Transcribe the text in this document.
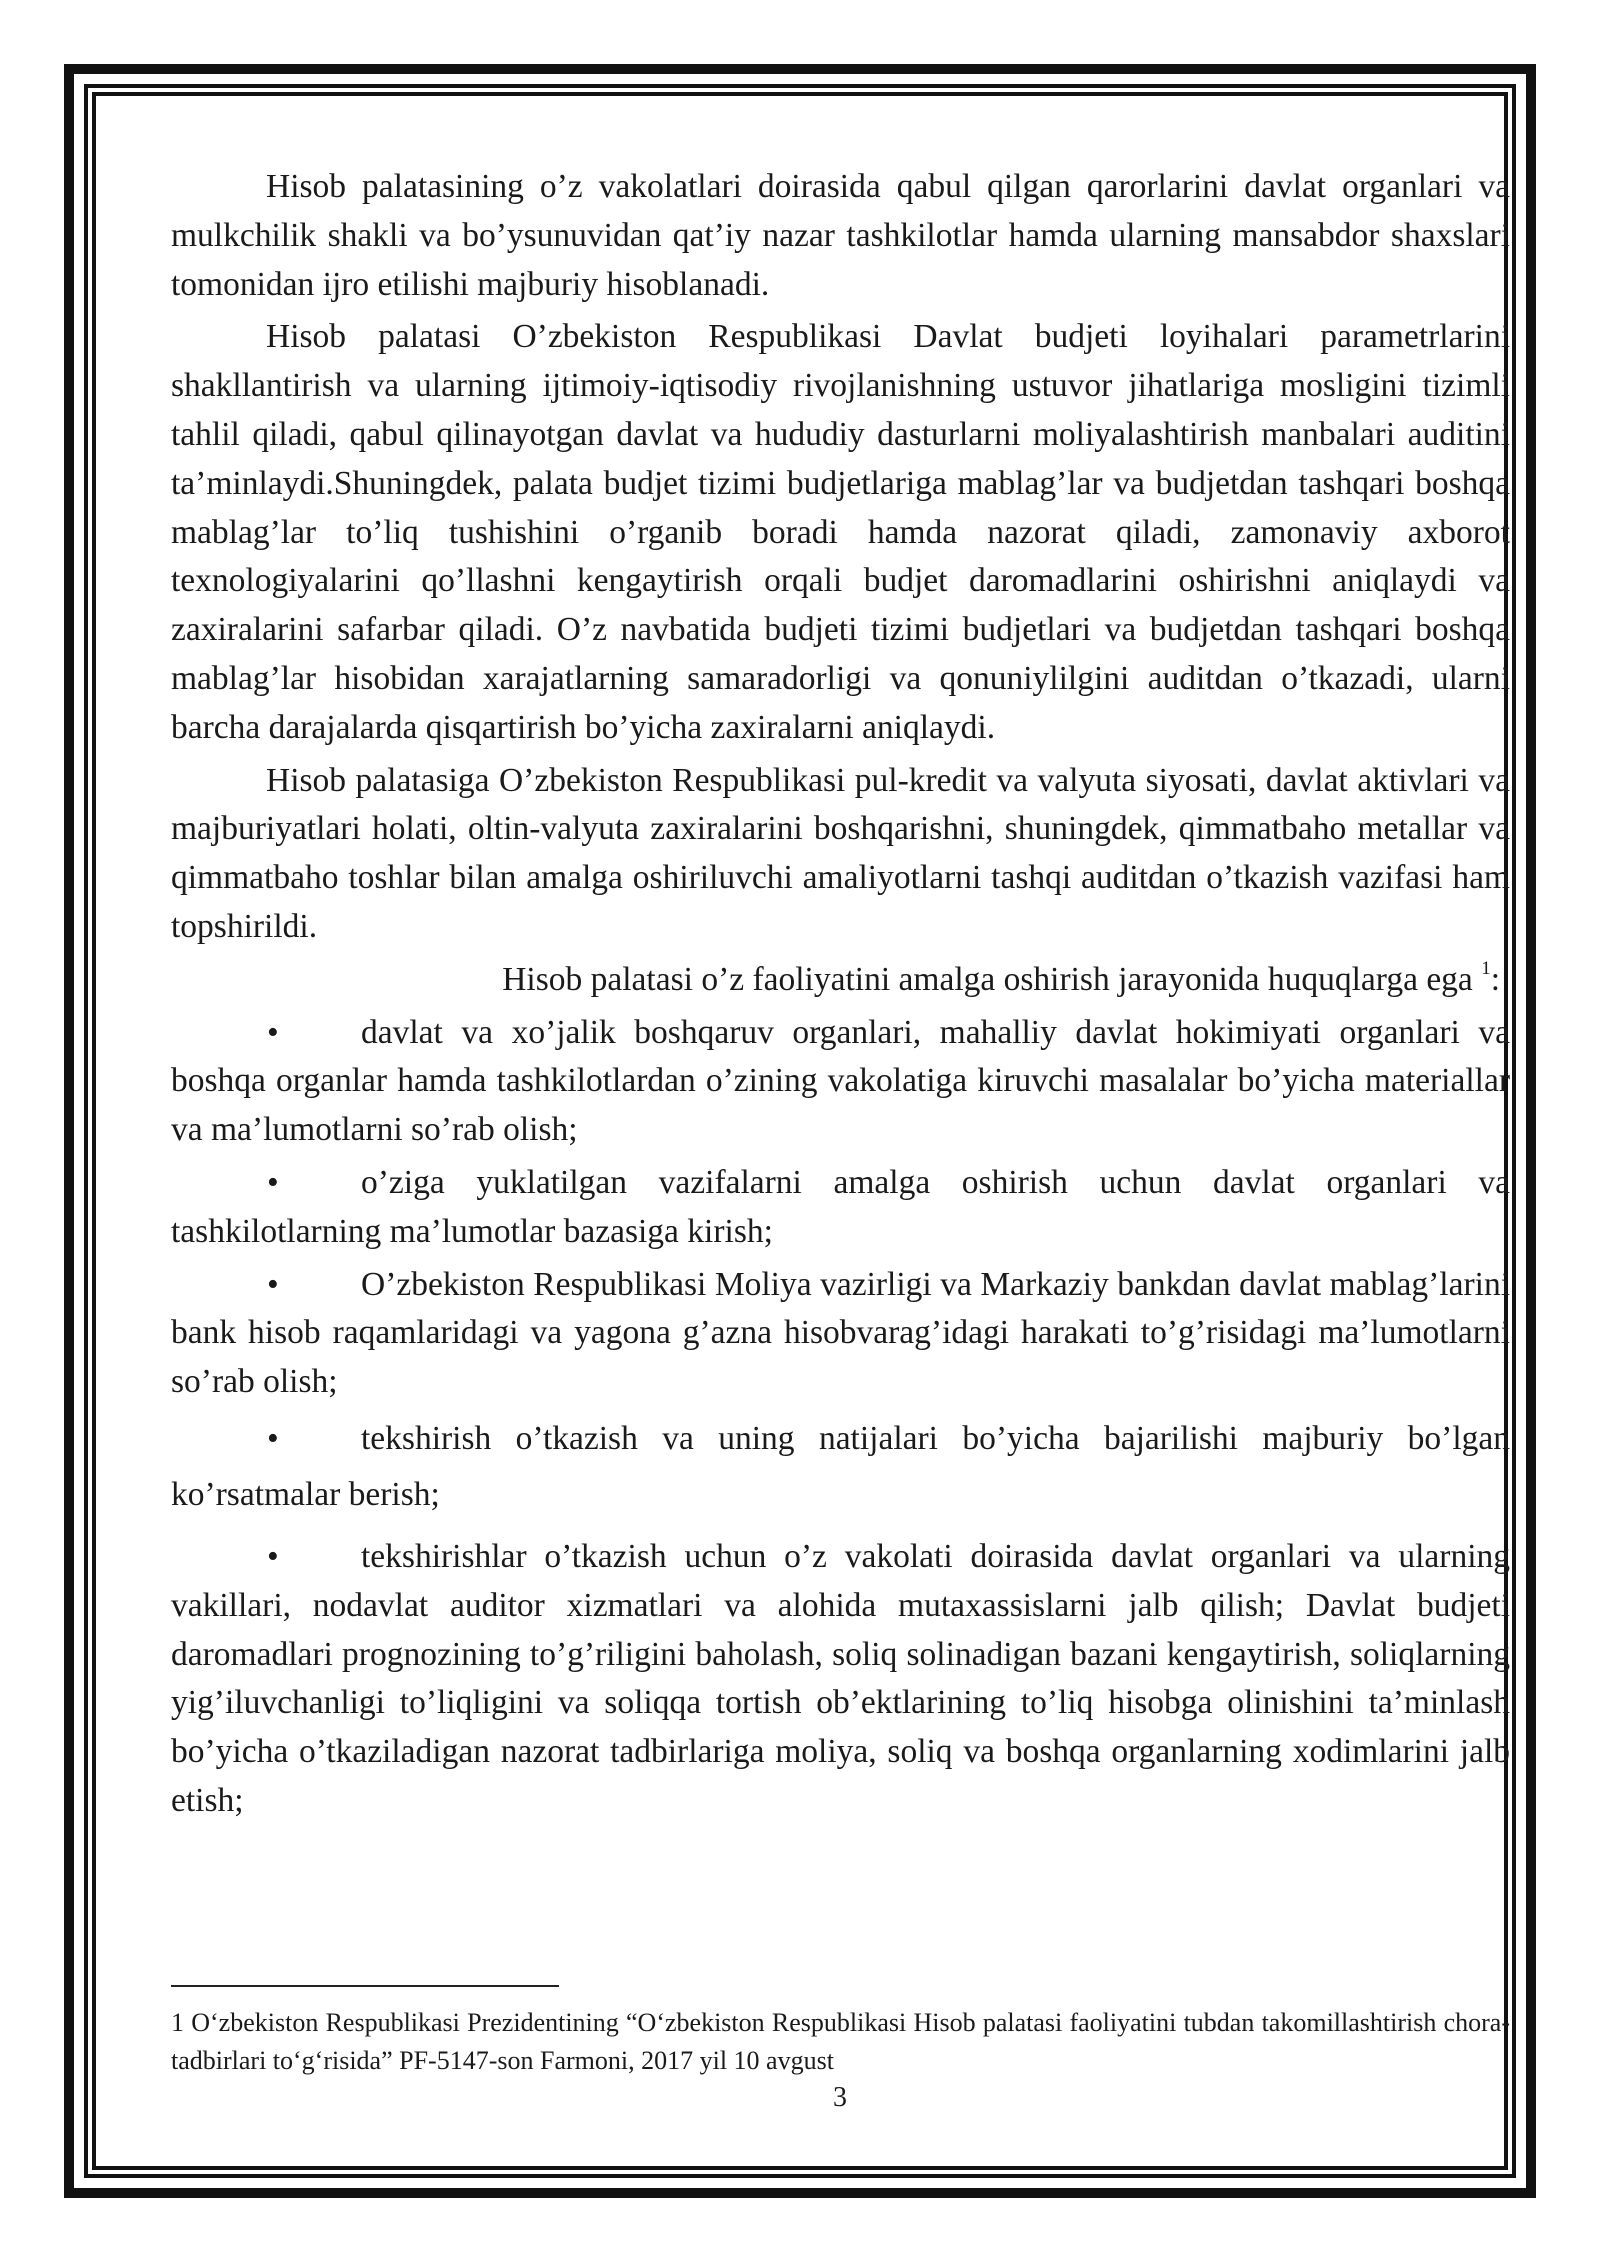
Hisob palatasining o’z vakolatlari doirasida qabul qilgan qarorlarini davlat organlari va mulkchilik shakli va bo’ysunuvidan qat’iy nazar tashkilotlar hamda ularning mansabdor shaxslari tomonidan ijro etilishi majburiy hisoblanadi.

Hisob palatasi O’zbekiston Respublikasi Davlat budjeti loyihalari parametrlarini shakllantirish va ularning ijtimoiy-iqtisodiy rivojlanishning ustuvor jihatlariga mosligini tizimli tahlil qiladi, qabul qilinayotgan davlat va hududiy dasturlarni moliyalashtirish manbalari auditini ta’minlaydi.Shuningdek, palata budjet tizimi budjetlariga mablag’lar va budjetdan tashqari boshqa mablag’lar to’liq tushishini o’rganib boradi hamda nazorat qiladi, zamonaviy axborot texnologiyalarini qo’llashni kengaytirish orqali budjet daromadlarini oshirishni aniqlaydi va zaxiralarini safarbar qiladi. O’z navbatida budjeti tizimi budjetlari va budjetdan tashqari boshqa mablag’lar hisobidan xarajatlarning samaradorligi va qonuniylilgini auditdan o’tkazadi, ularni barcha darajalarda qisqartirish bo’yicha zaxiralarni aniqlaydi.

Hisob palatasiga O’zbekiston Respublikasi pul-kredit va valyuta siyosati, davlat aktivlari va majburiyatlari holati, oltin-valyuta zaxiralarini boshqarishni, shuningdek, qimmatbaho metallar va qimmatbaho toshlar bilan amalga oshiriluvchi amaliyotlarni tashqi auditdan o’tkazish vazifasi ham topshirildi.

Hisob palatasi o’z faoliyatini amalga oshirish jarayonida huquqlarga ega $^1$:

• davlat va xo’jalik boshqaruv organlari, mahalliy davlat hokimiyati organlari va boshqa organlar hamda tashkilotlardan o’zining vakolatiga kiruvchi masalalar bo’yicha materiallar va ma’lumotlarni so’rab olish;

• o’ziga yuklatilgan vazifalarni amalga oshirish uchun davlat organlari va tashkilotlarning ma’lumotlar bazasiga kirish;

• O’zbekiston Respublikasi Moliya vazirligi va Markaziy bankdan davlat mablag’larini bank hisob raqamlaridagi va yagona g’azna hisobvarag’idagi harakati to’g’risidagi ma’lumotlarni so’rab olish;

• tekshirish o’tkazish va uning natijalari bo’yicha bajarilishi majburiy bo’lgan ko’rsatmalar berish;

• tekshirishlar o’tkazish uchun o’z vakolati doirasida davlat organlari va ularning vakillari, nodavlat auditor xizmatlari va alohida mutaxassislarni jalb qilish; Davlat budjeti daromadlari prognozining to’g’riligini baholash, soliq solinadigan bazani kengaytirish, soliqlarning yig’iluvchanligi to’liqligini va soliqqa tortish ob’ektlarining to’liq hisobga olinishini ta’minlash bo’yicha o’tkaziladigan nazorat tadbirlariga moliya, soliq va boshqa organlarning xodimlarini jalb etish;

1 O‘zbekiston Respublikasi Prezidentining “O‘zbekiston Respublikasi Hisob palatasi faoliyatini tubdan takomillashtirish chora-tadbirlari to‘g‘risida” PF-5147-son Farmoni, 2017 yil 10 avgust
3
